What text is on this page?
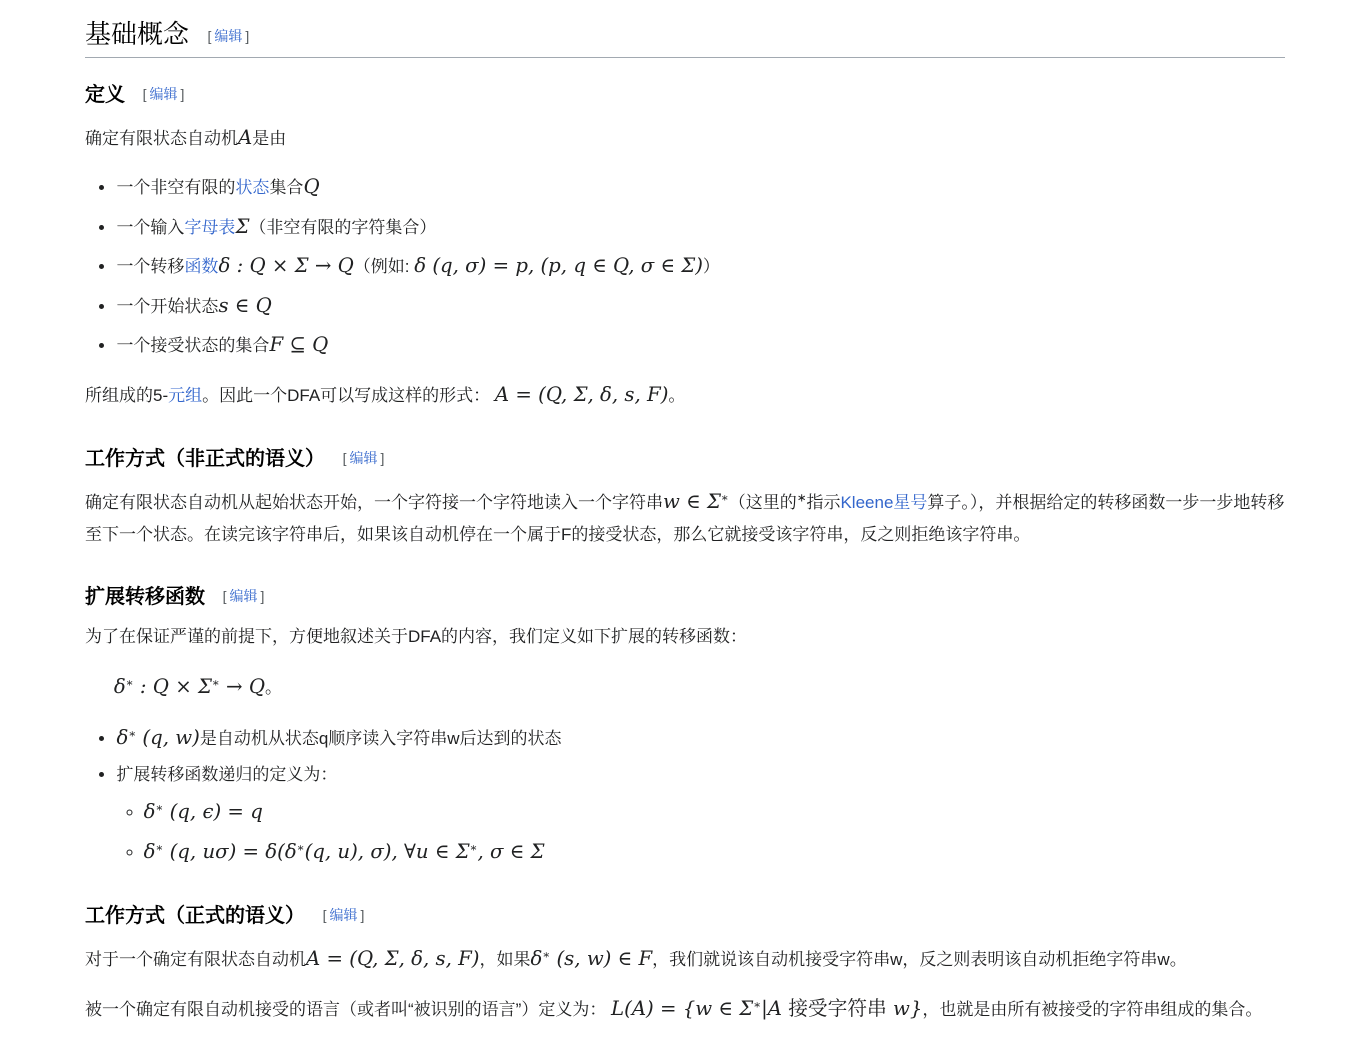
基础概念 [ 编辑 ]
定义 [ 编辑 ]

确定有限状态自动机A是由

• 一个非空有限的状态集合Q
• 一个输入字母表Σ（非空有限的字符集合）
• 一个转移函数δ : Q × Σ → Q（例如: δ (q, σ) = p, (p, q ∈ Q, σ ∈ Σ)）
• 一个开始状态s ∈ Q
• 一个接受状态的集合F ⊆ Q

所组成的5-元组。因此一个DFA可以写成这样的形式： A = (Q, Σ, δ, s, F)。

工作方式（非正式的语义） [ 编辑 ]

确定有限状态自动机从起始状态开始，一个字符接一个字符地读入一个字符串w ∈ Σ∗（这里的∗指示Kleene星号算子。），并根据给定的转移函数一步一步地转移至下一个状态。在读完该字符串后，如果该自动机停在一个属于F的接受状态，那么它就接受该字符串，反之则拒绝该字符串。

扩展转移函数 [ 编辑 ]

为了在保证严谨的前提下，方便地叙述关于DFA的内容，我们定义如下扩展的转移函数：

δ∗ : Q × Σ∗ → Q。
• δ∗ (q, w)是自动机从状态q顺序读入字符串w后达到的状态
• 扩展转移函数递归的定义为：
◦ δ∗ (q, ϵ) = q
◦ δ∗ (q, uσ) = δ(δ∗(q, u), σ), ∀u ∈ Σ∗, σ ∈ Σ
工作方式（正式的语义） [ 编辑 ]

对于一个确定有限状态自动机A = (Q, Σ, δ, s, F)，如果δ∗ (s, w) ∈ F，我们就说该自动机接受字符串w，反之则表明该自动机拒绝字符串w。

被一个确定有限自动机接受的语言（或者叫“被识别的语言”）定义为： L(A) = {w ∈ Σ∗|A 接受字符串 w}，也就是由所有被接受的字符串组成的集合。
